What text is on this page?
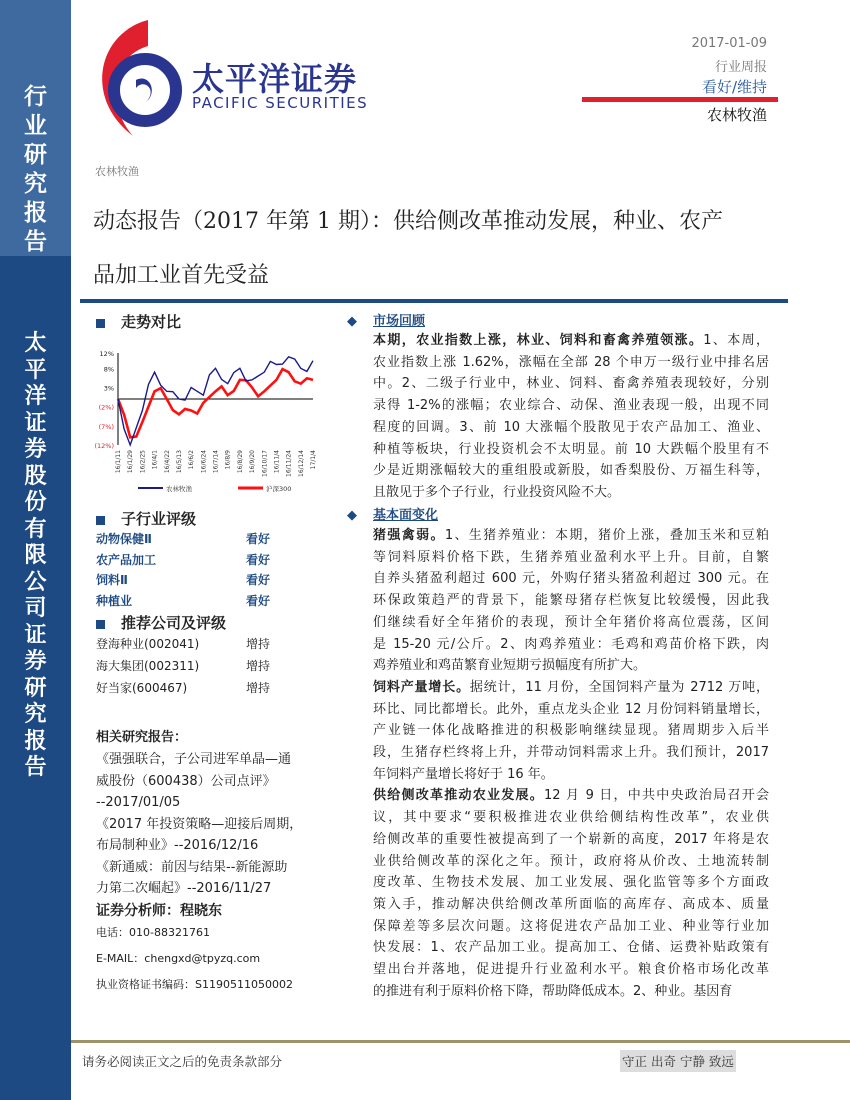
行业研究报告
太平洋证券股份有限公司证券研究报告
太平洋证券
PACIFIC SECURITIES
2017-01-09
行业周报
看好/维持
农林牧渔
农林牧渔
动态报告（2017 年第 1 期）：供给侧改革推动发展，种业、农产
品加工业首先受益
走势对比
12%
8%
3%
(2%)
(7%)
(12%)
16/1/11 16/1/29 16/2/25 16/4/1 16/4/22 16/5/13 16/6/2 16/6/24 16/7/14 16/8/9 16/8/29 16/9/20 16/10/17 16/11/4 16/11/24 16/12/14 17/1/4
农林牧渔	沪深300
子行业评级
动物保健Ⅱ	看好
农产品加工	看好
饲料Ⅱ	看好
种植业	看好
推荐公司及评级
登海种业(002041)	增持
海大集团(002311)	增持
好当家(600467)	增持
相关研究报告：
《强强联合，子公司进军单晶—通
威股份（600438）公司点评》
--2017/01/05
《2017 年投资策略—迎接后周期，
布局制种业》--2016/12/16
《新通威：前因与结果--新能源助
力第二次崛起》--2016/11/27
证券分析师：程晓东
电话：010-88321761
E-MAIL：chengxd@tpyzq.com
执业资格证书编码：S1190511050002
◆ 市场回顾
本期，农业指数上涨，林业、饲料和畜禽养殖领涨。1、本周，
农业指数上涨 1.62%，涨幅在全部 28 个申万一级行业中排名居
中。2、二级子行业中，林业、饲料、畜禽养殖表现较好，分别
录得 1-2%的涨幅；农业综合、动保、渔业表现一般，出现不同
程度的回调。3、前 10 大涨幅个股散见于农产品加工、渔业、
种植等板块，行业投资机会不太明显。前 10 大跌幅个股里有不
少是近期涨幅较大的重组股或新股，如香梨股份、万福生科等，
且散见于多个子行业，行业投资风险不大。
◆ 基本面变化
猪强禽弱。1、生猪养殖业：本期，猪价上涨，叠加玉米和豆粕
等饲料原料价格下跌，生猪养殖业盈利水平上升。目前，自繁
自养头猪盈利超过 600 元，外购仔猪头猪盈利超过 300 元。在
环保政策趋严的背景下，能繁母猪存栏恢复比较缓慢，因此我
们继续看好全年猪价的表现，预计全年猪价将高位震荡，区间
是 15-20 元/公斤。2、肉鸡养殖业：毛鸡和鸡苗价格下跌，肉
鸡养殖业和鸡苗繁育业短期亏损幅度有所扩大。
饲料产量增长。据统计，11 月份，全国饲料产量为 2712 万吨，
环比、同比都增长。此外，重点龙头企业 12 月份饲料销量增长，
产业链一体化战略推进的积极影响继续显现。猪周期步入后半
段，生猪存栏终将上升，并带动饲料需求上升。我们预计，2017
年饲料产量增长将好于 16 年。
供给侧改革推动农业发展。12 月 9 日，中共中央政治局召开会
议，其中要求“要积极推进农业供给侧结构性改革”，农业供
给侧改革的重要性被提高到了一个崭新的高度，2017 年将是农
业供给侧改革的深化之年。预计，政府将从价改、土地流转制
度改革、生物技术发展、加工业发展、强化监管等多个方面政
策入手，推动解决供给侧改革所面临的高库存、高成本、质量
保障差等多层次问题。这将促进农产品加工业、种业等行业加
快发展：1、农产品加工业。提高加工、仓储、运费补贴政策有
望出台并落地，促进提升行业盈利水平。粮食价格市场化改革
的推进有利于原料价格下降，帮助降低成本。2、种业。基因育
请务必阅读正文之后的免责条款部分	守正 出奇 宁静 致远
